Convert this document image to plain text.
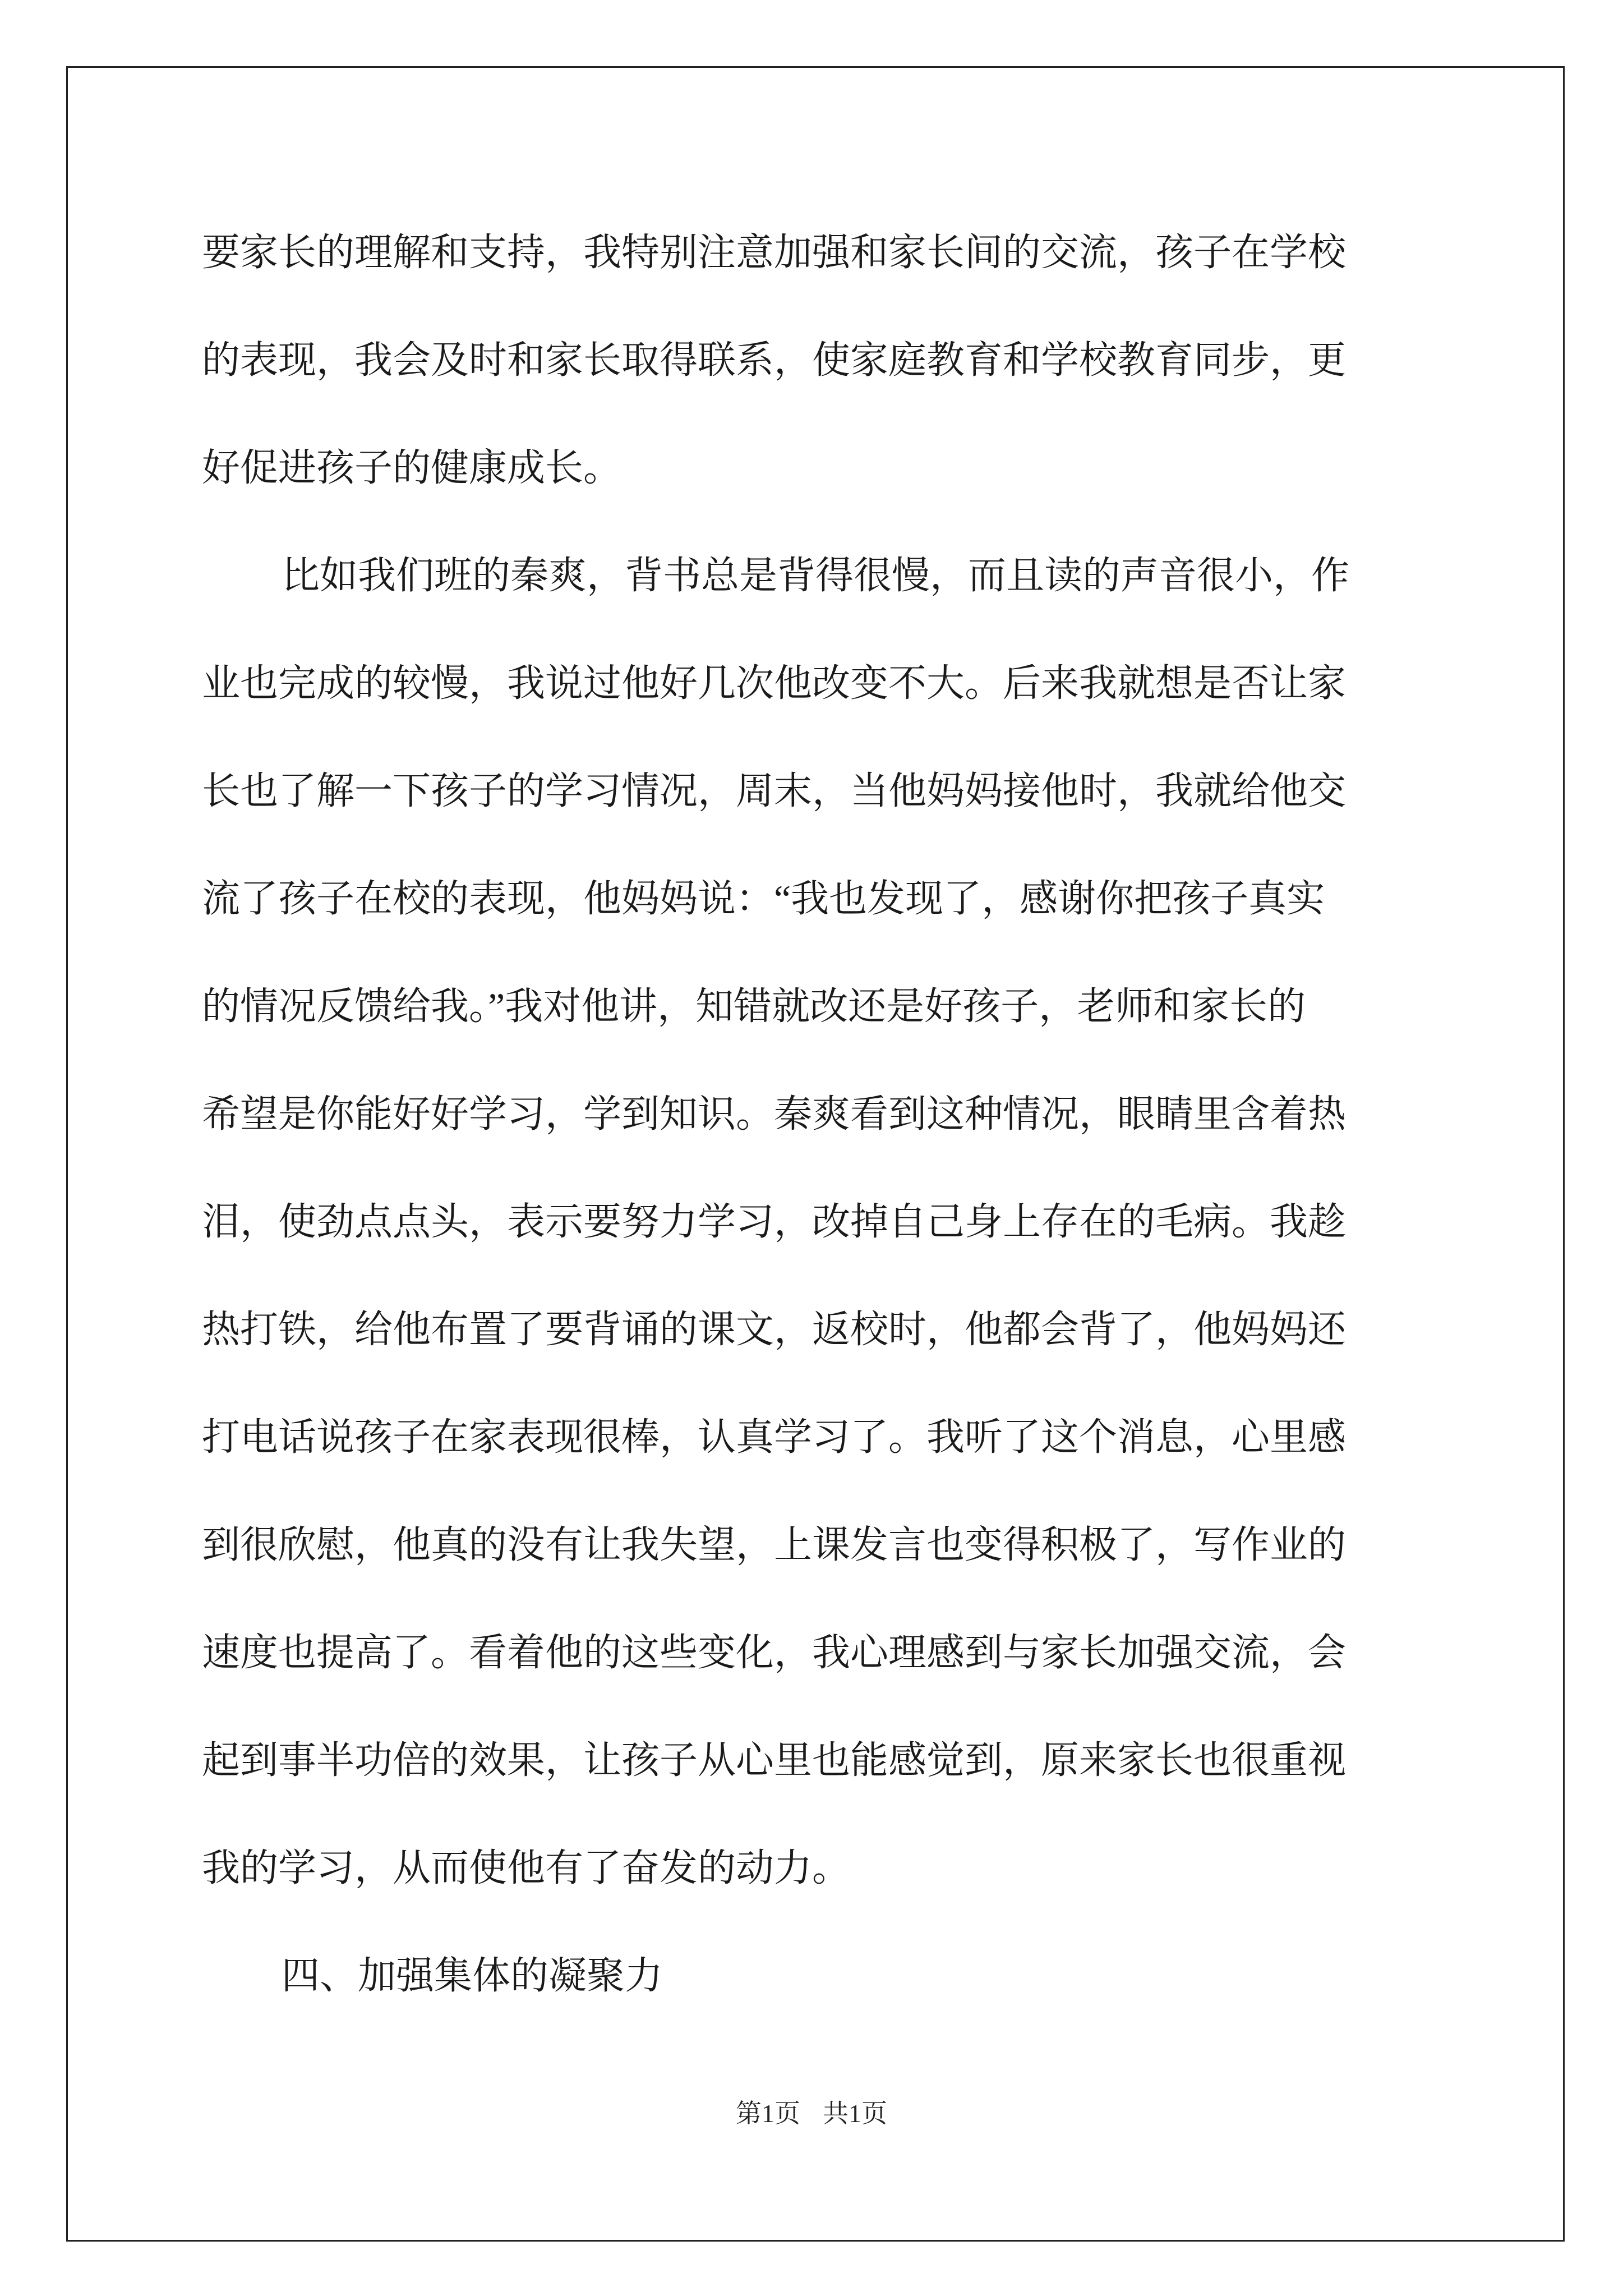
要家长的理解和支持，我特别注意加强和家长间的交流，孩子在学校
的表现，我会及时和家长取得联系，使家庭教育和学校教育同步，更
好促进孩子的健康成长。
比如我们班的秦爽，背书总是背得很慢，而且读的声音很小，作
业也完成的较慢，我说过他好几次他改变不大。后来我就想是否让家
长也了解一下孩子的学习情况，周末，当他妈妈接他时，我就给他交
流了孩子在校的表现，他妈妈说：“我也发现了，感谢你把孩子真实
的情况反馈给我。”我对他讲，知错就改还是好孩子，老师和家长的
希望是你能好好学习，学到知识。秦爽看到这种情况，眼睛里含着热
泪，使劲点点头，表示要努力学习，改掉自己身上存在的毛病。我趁
热打铁，给他布置了要背诵的课文，返校时，他都会背了，他妈妈还
打电话说孩子在家表现很棒，认真学习了。我听了这个消息，心里感
到很欣慰，他真的没有让我失望，上课发言也变得积极了，写作业的
速度也提高了。看着他的这些变化，我心理感到与家长加强交流，会
起到事半功倍的效果，让孩子从心里也能感觉到，原来家长也很重视
我的学习，从而使他有了奋发的动力。
四、加强集体的凝聚力
第1页 共1页
